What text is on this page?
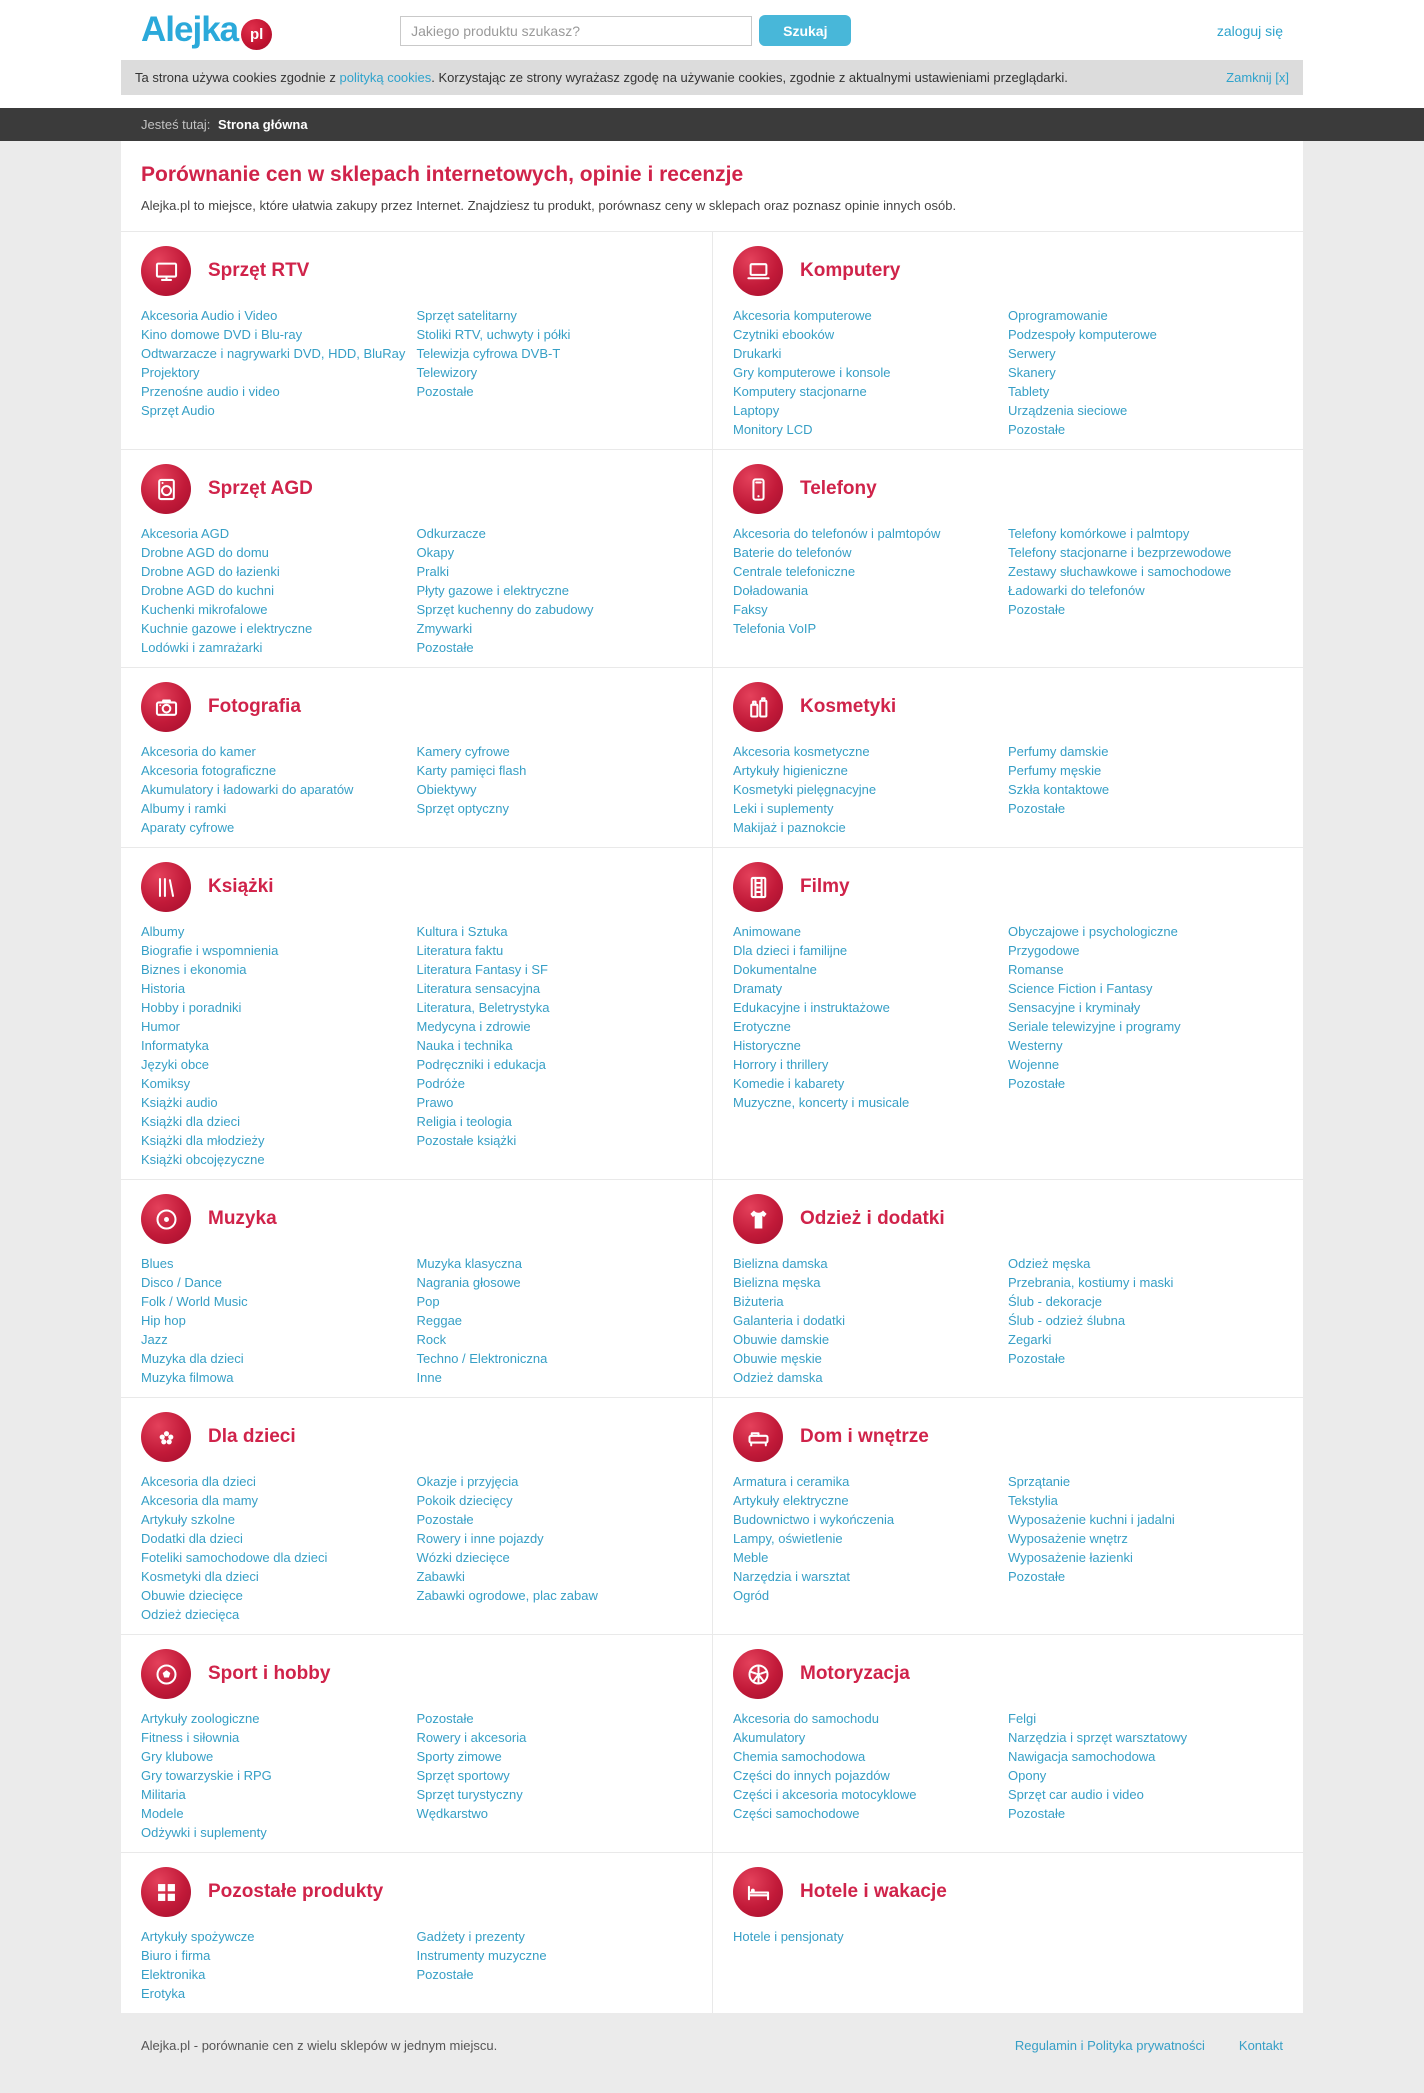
Alejka pl
Jakiego produktu szukasz?	Szukaj	zaloguj się
Ta strona używa cookies zgodnie z polityką cookies. Korzystając ze strony wyrażasz zgodę na używanie cookies, zgodnie z aktualnymi ustawieniami przeglądarki.	Zamknij [x]
Jesteś tutaj: Strona główna
Porównanie cen w sklepach internetowych, opinie i recenzje

Alejka.pl to miejsce, które ułatwia zakupy przez Internet. Znajdziesz tu produkt, porównasz ceny w sklepach oraz poznasz opinie innych osób.

Sprzęt RTV
Akcesoria Audio i Video
Kino domowe DVD i Blu-ray
Odtwarzacze i nagrywarki DVD, HDD, BluRay
Projektory
Przenośne audio i video
Sprzęt Audio
Sprzęt satelitarny
Stoliki RTV, uchwyty i półki
Telewizja cyfrowa DVB-T
Telewizory
Pozostałe
Komputery
Akcesoria komputerowe
Czytniki ebooków
Drukarki
Gry komputerowe i konsole
Komputery stacjonarne
Laptopy
Monitory LCD
Oprogramowanie
Podzespoły komputerowe
Serwery
Skanery
Tablety
Urządzenia sieciowe
Pozostałe
Sprzęt AGD
Akcesoria AGD
Drobne AGD do domu
Drobne AGD do łazienki
Drobne AGD do kuchni
Kuchenki mikrofalowe
Kuchnie gazowe i elektryczne
Lodówki i zamrażarki
Odkurzacze
Okapy
Pralki
Płyty gazowe i elektryczne
Sprzęt kuchenny do zabudowy
Zmywarki
Pozostałe
Telefony
Akcesoria do telefonów i palmtopów
Baterie do telefonów
Centrale telefoniczne
Doładowania
Faksy
Telefonia VoIP
Telefony komórkowe i palmtopy
Telefony stacjonarne i bezprzewodowe
Zestawy słuchawkowe i samochodowe
Ładowarki do telefonów
Pozostałe
Fotografia
Akcesoria do kamer
Akcesoria fotograficzne
Akumulatory i ładowarki do aparatów
Albumy i ramki
Aparaty cyfrowe
Kamery cyfrowe
Karty pamięci flash
Obiektywy
Sprzęt optyczny
Kosmetyki
Akcesoria kosmetyczne
Artykuły higieniczne
Kosmetyki pielęgnacyjne
Leki i suplementy
Makijaż i paznokcie
Perfumy damskie
Perfumy męskie
Szkła kontaktowe
Pozostałe
Książki
Albumy
Biografie i wspomnienia
Biznes i ekonomia
Historia
Hobby i poradniki
Humor
Informatyka
Języki obce
Komiksy
Książki audio
Książki dla dzieci
Książki dla młodzieży
Książki obcojęzyczne
Kultura i Sztuka
Literatura faktu
Literatura Fantasy i SF
Literatura sensacyjna
Literatura, Beletrystyka
Medycyna i zdrowie
Nauka i technika
Podręczniki i edukacja
Podróże
Prawo
Religia i teologia
Pozostałe książki
Filmy
Animowane
Dla dzieci i familijne
Dokumentalne
Dramaty
Edukacyjne i instruktażowe
Erotyczne
Historyczne
Horrory i thrillery
Komedie i kabarety
Muzyczne, koncerty i musicale
Obyczajowe i psychologiczne
Przygodowe
Romanse
Science Fiction i Fantasy
Sensacyjne i kryminały
Seriale telewizyjne i programy
Westerny
Wojenne
Pozostałe
Muzyka
Blues
Disco / Dance
Folk / World Music
Hip hop
Jazz
Muzyka dla dzieci
Muzyka filmowa
Muzyka klasyczna
Nagrania głosowe
Pop
Reggae
Rock
Techno / Elektroniczna
Inne
Odzież i dodatki
Bielizna damska
Bielizna męska
Biżuteria
Galanteria i dodatki
Obuwie damskie
Obuwie męskie
Odzież damska
Odzież męska
Przebrania, kostiumy i maski
Ślub - dekoracje
Ślub - odzież ślubna
Zegarki
Pozostałe
Dla dzieci
Akcesoria dla dzieci
Akcesoria dla mamy
Artykuły szkolne
Dodatki dla dzieci
Foteliki samochodowe dla dzieci
Kosmetyki dla dzieci
Obuwie dziecięce
Odzież dziecięca
Okazje i przyjęcia
Pokoik dziecięcy
Pozostałe
Rowery i inne pojazdy
Wózki dziecięce
Zabawki
Zabawki ogrodowe, plac zabaw
Dom i wnętrze
Armatura i ceramika
Artykuły elektryczne
Budownictwo i wykończenia
Lampy, oświetlenie
Meble
Narzędzia i warsztat
Ogród
Sprzątanie
Tekstylia
Wyposażenie kuchni i jadalni
Wyposażenie wnętrz
Wyposażenie łazienki
Pozostałe
Sport i hobby
Artykuły zoologiczne
Fitness i siłownia
Gry klubowe
Gry towarzyskie i RPG
Militaria
Modele
Odżywki i suplementy
Pozostałe
Rowery i akcesoria
Sporty zimowe
Sprzęt sportowy
Sprzęt turystyczny
Wędkarstwo
Motoryzacja
Akcesoria do samochodu
Akumulatory
Chemia samochodowa
Części do innych pojazdów
Części i akcesoria motocyklowe
Części samochodowe
Felgi
Narzędzia i sprzęt warsztatowy
Nawigacja samochodowa
Opony
Sprzęt car audio i video
Pozostałe
Pozostałe produkty
Artykuły spożywcze
Biuro i firma
Elektronika
Erotyka
Gadżety i prezenty
Instrumenty muzyczne
Pozostałe
Hotele i wakacje
Hotele i pensjonaty
Alejka.pl - porównanie cen z wielu sklepów w jednym miejscu.	Regulamin i Polityka prywatności	Kontakt
